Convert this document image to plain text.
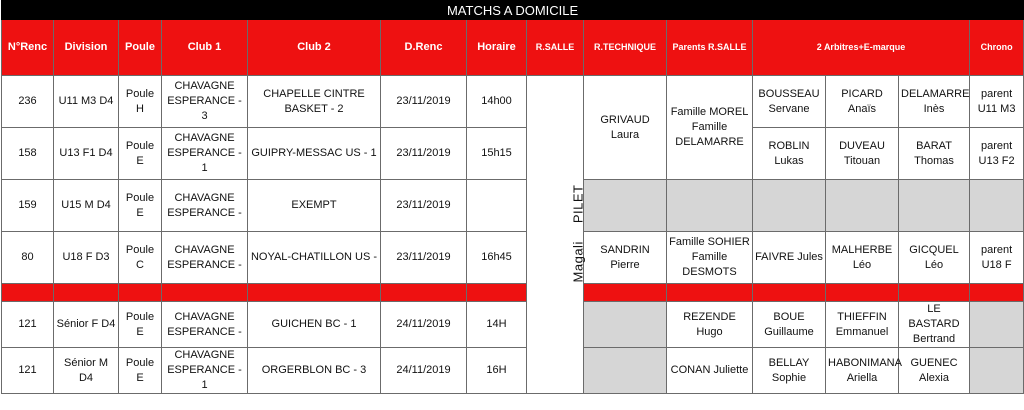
MATCHS A DOMICILE													
N°Renc	Division	Poule	Club 1	Club 2	D.Renc	Horaire	R.SALLE	R.TECHNIQUE	Parents R.SALLE	2 Arbitres+E-marque			Chrono
236	U11 M3 D4	Poule H	CHAVAGNE ESPERANCE - 3	CHAPELLE CINTRE BASKET - 2	23/11/2019	14h00	MagaliPILET	GRIVAUD Laura	Famille MOREL Famille DELAMARRE	BOUSSEAU Servane	PICARD Anaïs	DELAMARRE Inès	parent U11 M3
158	U13 F1 D4	Poule E	CHAVAGNE ESPERANCE - 1	GUIPRY-MESSAC US - 1	23/11/2019	15h15				ROBLIN Lukas	DUVEAU Titouan	BARAT Thomas	parent U13 F2
159	U15 M D4	Poule E	CHAVAGNE ESPERANCE -	EXEMPT	23/11/2019								
80	U18 F D3	Poule C	CHAVAGNE ESPERANCE -	NOYAL-CHATILLON US -	23/11/2019	16h45		SANDRIN Pierre	Famille SOHIER Famille DESMOTS	FAIVRE Jules	MALHERBE Léo	GICQUEL Léo	parent U18 F

121	Sénior F D4	Poule E	CHAVAGNE ESPERANCE -	GUICHEN BC - 1	24/11/2019	14H			REZENDE Hugo	BOUE Guillaume	THIEFFIN Emmanuel	LE BASTARD Bertrand	
121	Sénior M D4	Poule E	CHAVAGNE ESPERANCE - 1	ORGERBLON BC - 3	24/11/2019	16H			CONAN Juliette	BELLAY Sophie	HABONIMANA Ariella	GUENEC Alexia	
